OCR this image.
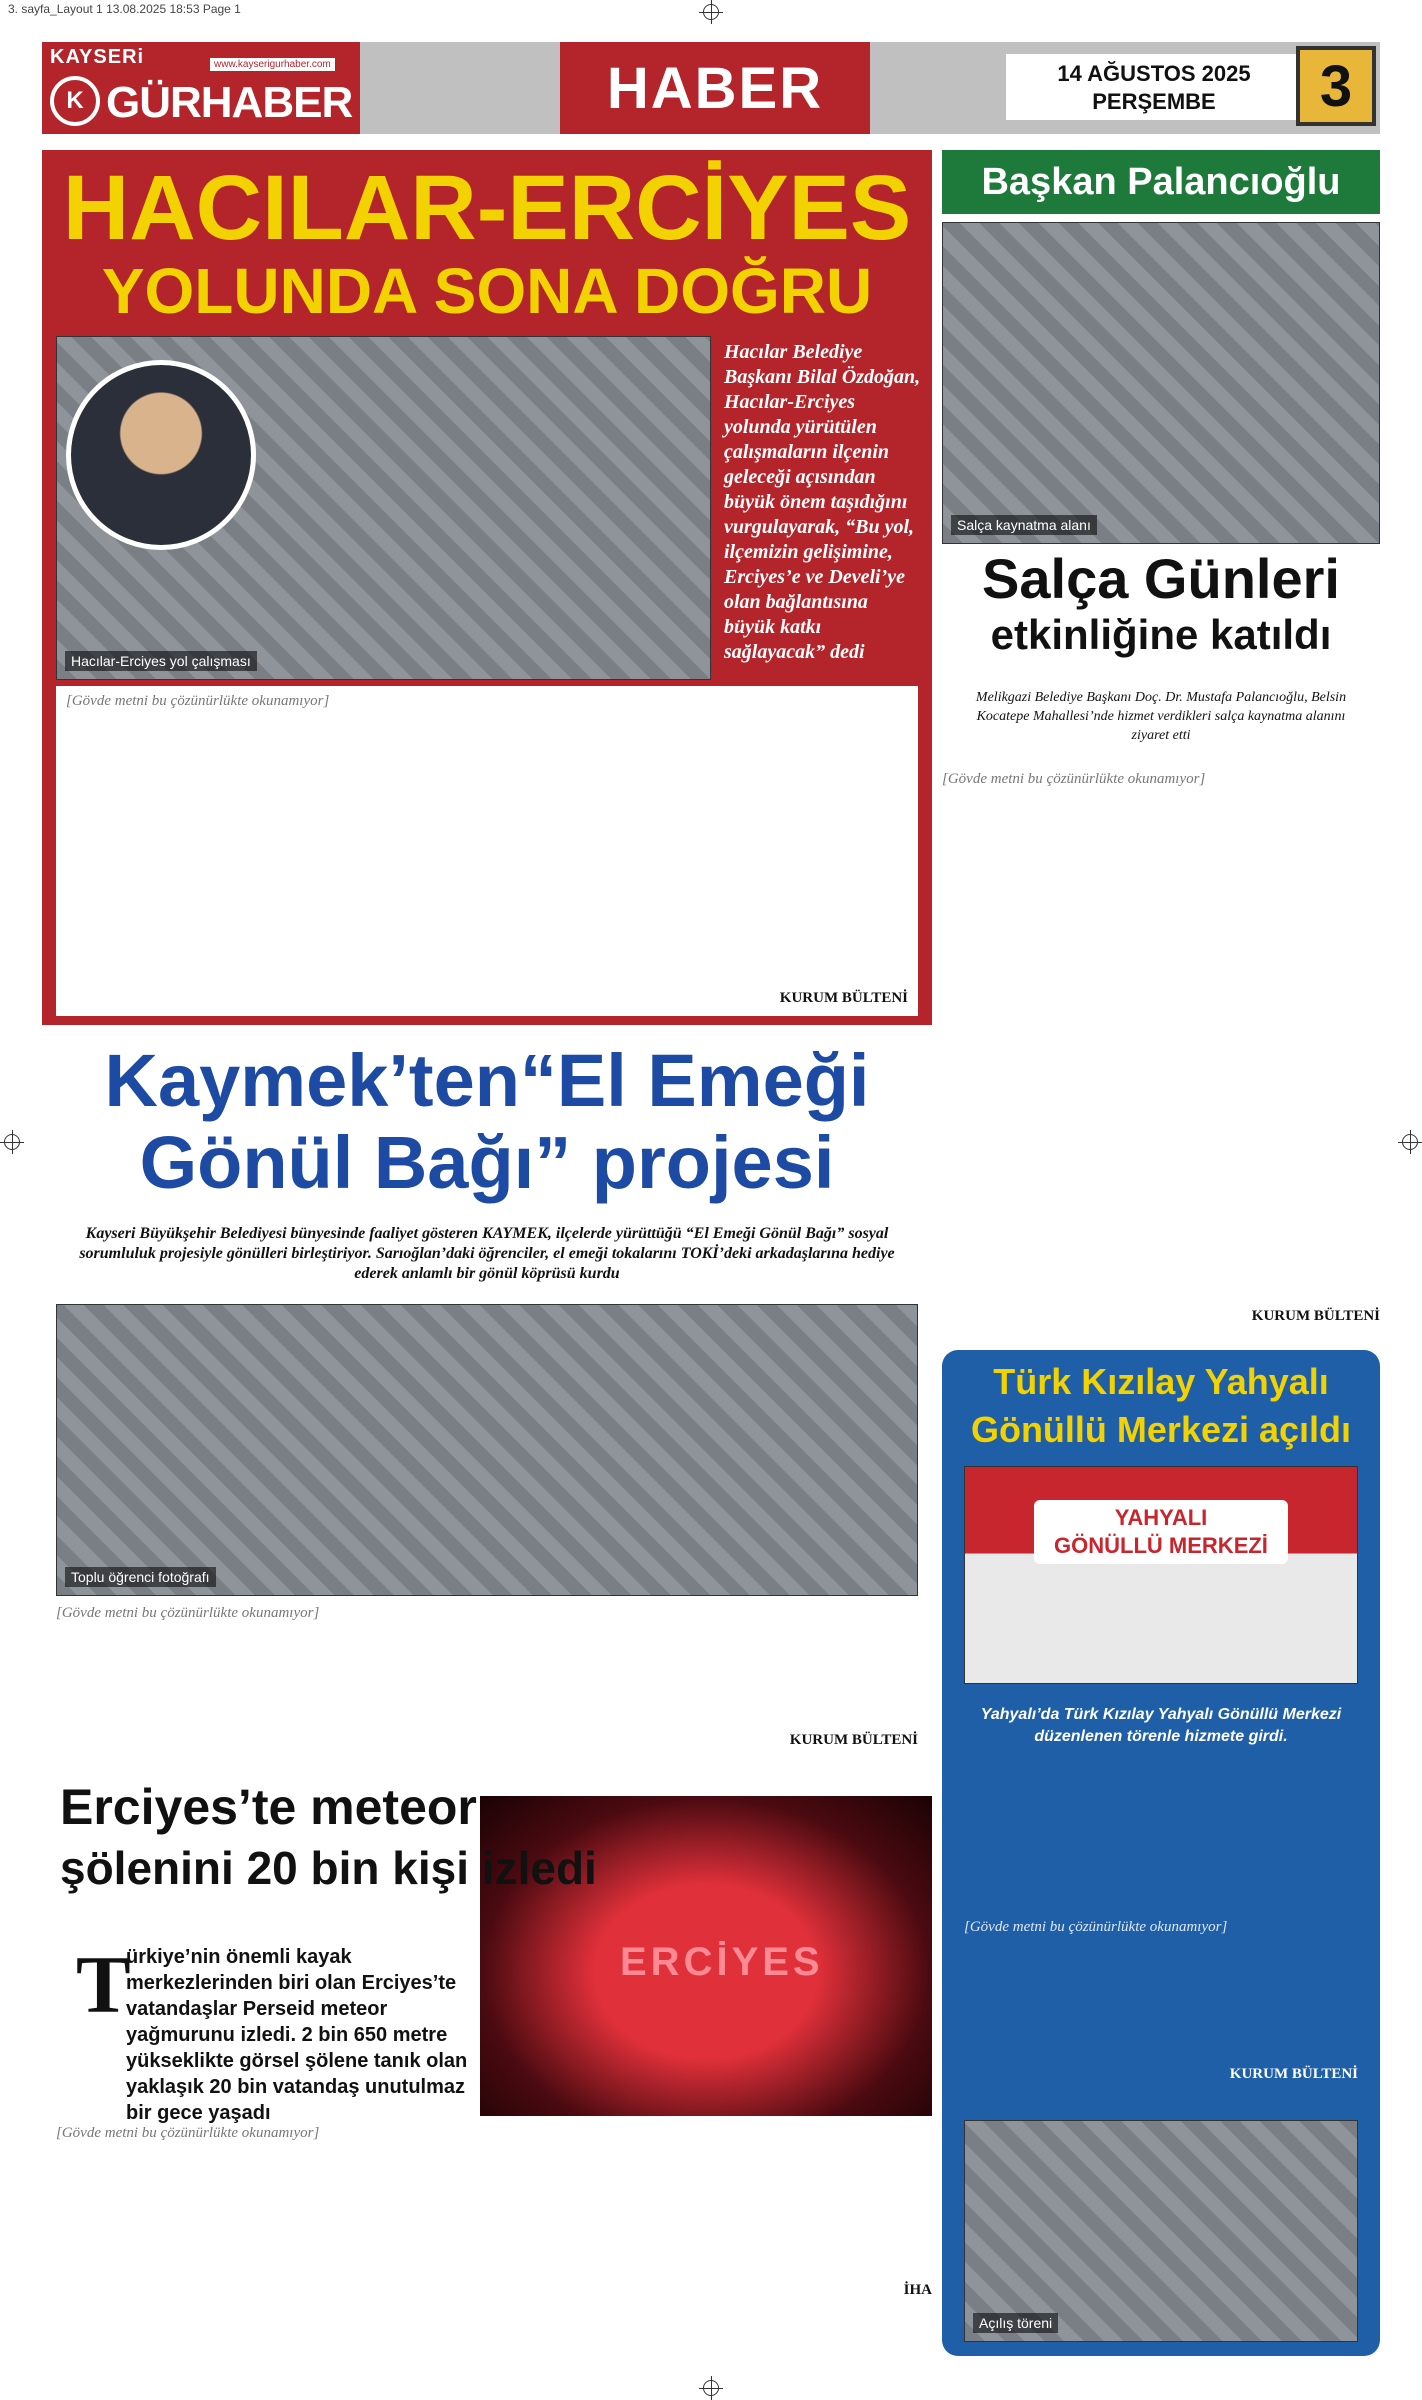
3. sayfa_Layout 1 13.08.2025 18:53 Page 1
KAYSERi	www.kayserigurhaber.com
K GÜRHABER	HABER	14 AĞUSTOS 2025
PERŞEMBE	3
HACILAR-ERCİYES
YOLUNDA SONA DOĞRU
Hacılar-Erciyes yol çalışması
Hacılar Belediye Başkanı Bilal Özdoğan, Hacılar-Erciyes yolunda yürütülen çalışmaların ilçenin geleceği açısından büyük önem taşıdığını vurgulayarak, “Bu yol, ilçemizin gelişimine, Erciyes’e ve Develi’ye olan bağlantısına büyük katkı sağlayacak” dedi

[Gövde metni bu çözünürlükte okunamıyor]

KURUM BÜLTENİ

Başkan Palancıoğlu
Salça kaynatma alanı
Salça Günleri
etkinliğine katıldı
Melikgazi Belediye Başkanı Doç. Dr. Mustafa Palancıoğlu, Belsin Kocatepe Mahallesi’nde hizmet verdikleri salça kaynatma alanını ziyaret etti

[Gövde metni bu çözünürlükte okunamıyor]

KURUM BÜLTENİ

Kaymek’ten“El Emeği
Gönül Bağı” projesi
Kayseri Büyükşehir Belediyesi bünyesinde faaliyet gösteren KAYMEK, ilçelerde yürüttüğü “El Emeği Gönül Bağı” sosyal sorumluluk projesiyle gönülleri birleştiriyor. Sarıoğlan’daki öğrenciler, el emeği tokalarını TOKİ’deki arkadaşlarına hediye ederek anlamlı bir gönül köprüsü kurdu
Toplu öğrenci fotoğrafı

[Gövde metni bu çözünürlükte okunamıyor]

KURUM BÜLTENİ

ERCİYES
Erciyes’te meteor
şölenini 20 bin kişi izledi
T
ürkiye’nin önemli kayak merkezlerinden biri olan Erciyes’te vatandaşlar Perseid meteor yağmurunu izledi. 2 bin 650 metre yükseklikte görsel şölene tanık olan yaklaşık 20 bin vatandaş unutulmaz bir gece yaşadı

[Gövde metni bu çözünürlükte okunamıyor]

İHA

Türk Kızılay Yahyalı
Gönüllü Merkezi açıldı
YAHYALI
GÖNÜLLÜ MERKEZİ
Yahyalı’da Türk Kızılay Yahyalı Gönüllü Merkezi düzenlenen törenle hizmete girdi.

[Gövde metni bu çözünürlükte okunamıyor]

KURUM BÜLTENİ

Açılış töreni
